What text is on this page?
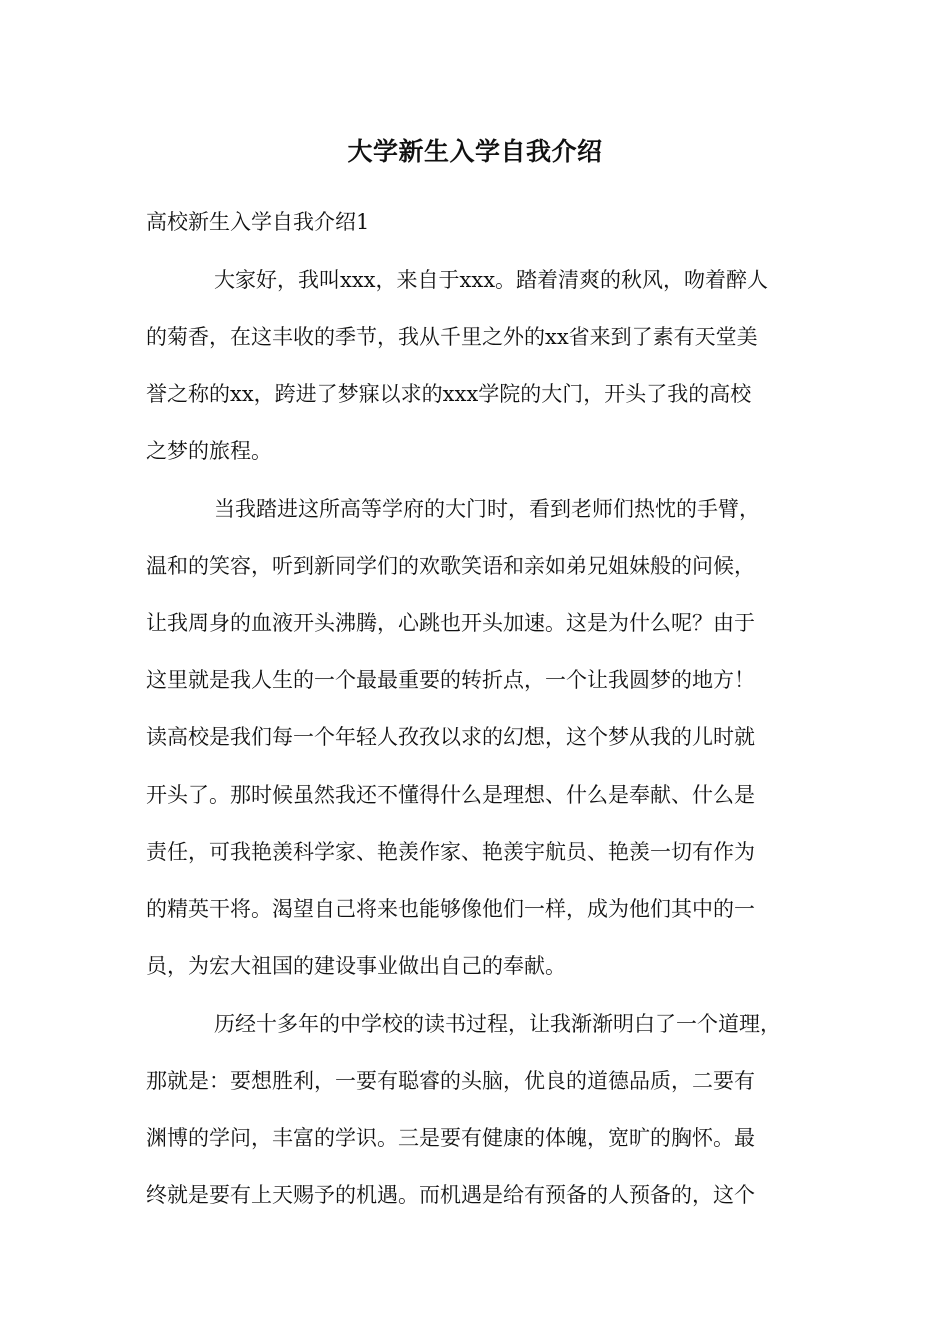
大学新生入学自我介绍
高校新生入学自我介绍1
大家好，我叫xxx，来自于xxx。踏着清爽的秋风，吻着醉人
的菊香，在这丰收的季节，我从千里之外的xx省来到了素有天堂美
誉之称的xx，跨进了梦寐以求的xxx学院的大门，开头了我的高校
之梦的旅程。
当我踏进这所高等学府的大门时，看到老师们热忱的手臂，
温和的笑容，听到新同学们的欢歌笑语和亲如弟兄姐妹般的问候，
让我周身的血液开头沸腾，心跳也开头加速。这是为什么呢？由于
这里就是我人生的一个最最重要的转折点，一个让我圆梦的地方！
读高校是我们每一个年轻人孜孜以求的幻想，这个梦从我的儿时就
开头了。那时候虽然我还不懂得什么是理想、什么是奉献、什么是
责任，可我艳羡科学家、艳羡作家、艳羡宇航员、艳羡一切有作为
的精英干将。渴望自己将来也能够像他们一样，成为他们其中的一
员，为宏大祖国的建设事业做出自己的奉献。
历经十多年的中学校的读书过程，让我渐渐明白了一个道理，
那就是：要想胜利，一要有聪睿的头脑，优良的道德品质，二要有
渊博的学问，丰富的学识。三是要有健康的体魄，宽旷的胸怀。最
终就是要有上天赐予的机遇。而机遇是给有预备的人预备的，这个
